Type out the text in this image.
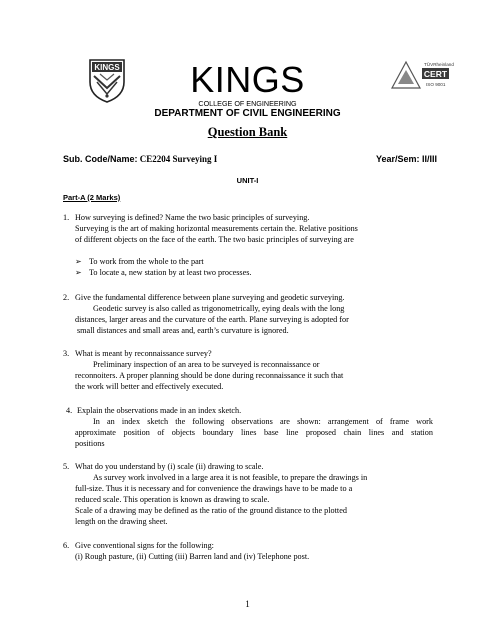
KINGS	TÜVRheinland
CERT
ISO 9001
KINGS
COLLEGE OF ENGINEERING
DEPARTMENT OF CIVIL ENGINEERING
Question Bank
Sub. Code/Name: CE2204 Surveying I	Year/Sem: II/III
UNIT-I
Part-A (2 Marks)
1. How surveying is defined? Name the two basic principles of surveying.
Surveying is the art of making horizontal measurements certain the. Relative positions
of different objects on the face of the earth. The two basic principles of surveying are
➢ To work from the whole to the part
➢ To locate a, new station by at least two processes.
2. Give the fundamental difference between plane surveying and geodetic surveying.
Geodetic survey is also called as trigonometrically, eying deals with the long
distances, larger areas and the curvature of the earth. Plane surveying is adopted for
small distances and small areas and, earth’s curvature is ignored.
3. What is meant by reconnaissance survey?
Preliminary inspection of an area to be surveyed is reconnaissance or
reconnoiters. A proper planning should be done during reconnaissance it such that
the work will better and effectively executed.
4. Explain the observations made in an index sketch.
In an index sketch the following observations are shown: arrangement of frame work
approximate position of objects boundary lines base line proposed chain lines and station
positions
5. What do you understand by (i) scale (ii) drawing to scale.
As survey work involved in a large area it is not feasible, to prepare the drawings in
full-size. Thus it is necessary and for convenience the drawings have to be made to a
reduced scale. This operation is known as drawing to scale.
Scale of a drawing may be defined as the ratio of the ground distance to the plotted
length on the drawing sheet.
6. Give conventional signs for the following:
(i) Rough pasture, (ii) Cutting (iii) Barren land and (iv) Telephone post.
1
